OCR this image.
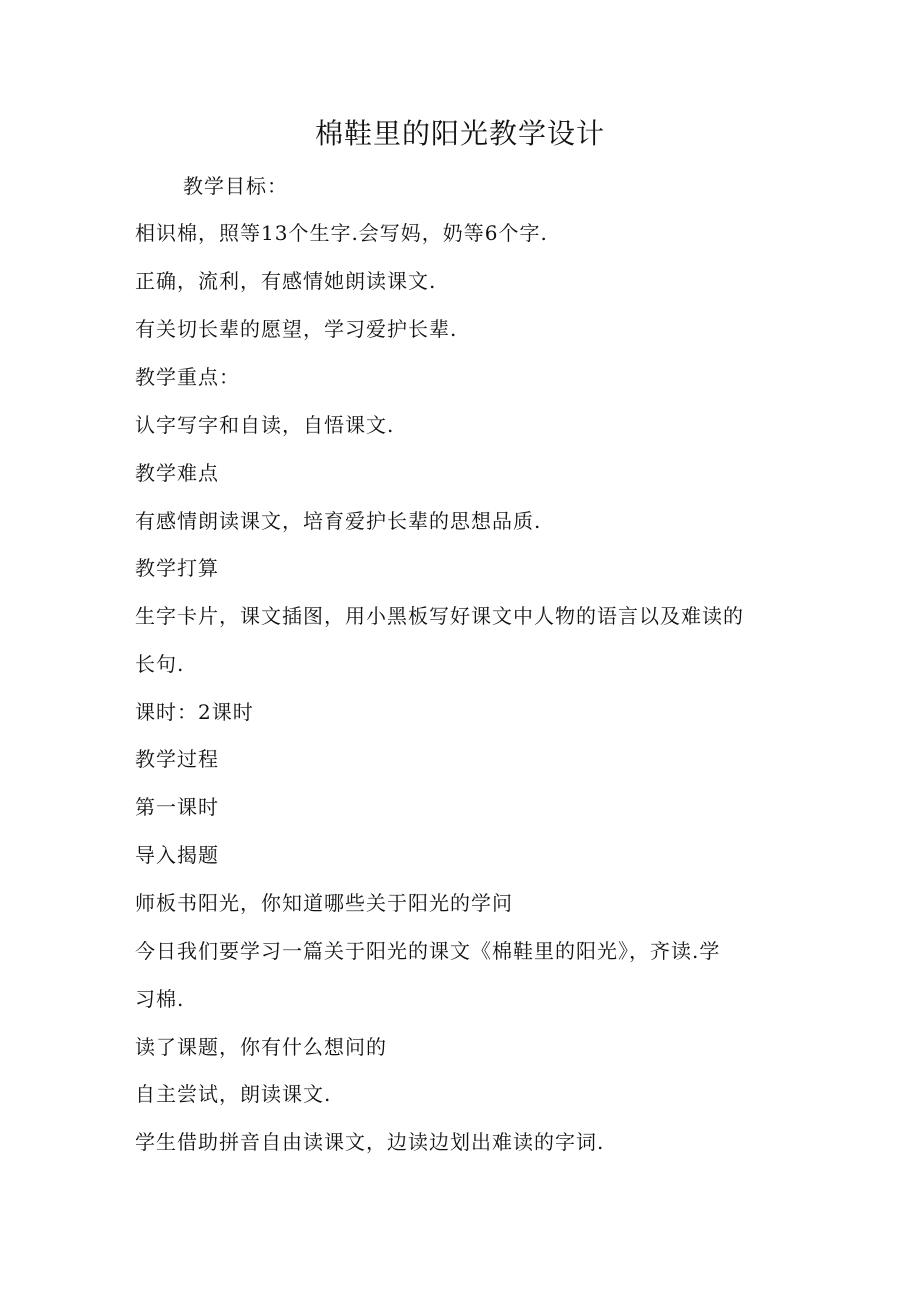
棉鞋里的阳光教学设计
教学目标：
相识棉，照等13个生字.会写妈，奶等6个字.
正确，流利，有感情她朗读课文.
有关切长辈的愿望，学习爱护长辈.
教学重点：
认字写字和自读，自悟课文.
教学难点
有感情朗读课文，培育爱护长辈的思想品质.
教学打算
生字卡片，课文插图，用小黑板写好课文中人物的语言以及难读的
长句.
课时：2课时
教学过程
第一课时
导入揭题
师板书阳光，你知道哪些关于阳光的学问
今日我们要学习一篇关于阳光的课文《棉鞋里的阳光》，齐读.学
习棉.
读了课题，你有什么想问的
自主尝试，朗读课文.
学生借助拼音自由读课文，边读边划出难读的字词.
